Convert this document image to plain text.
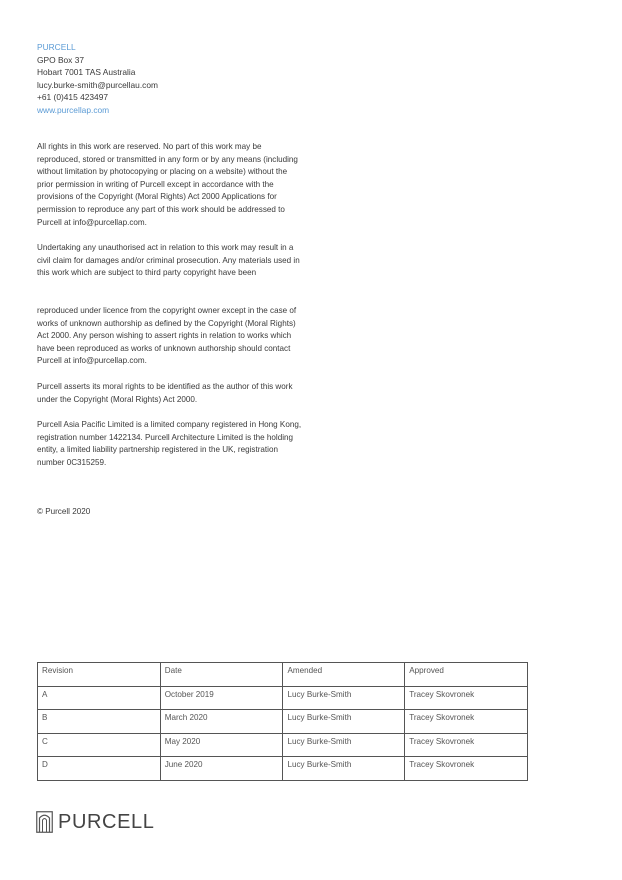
PURCELL
GPO Box 37
Hobart 7001 TAS Australia
lucy.burke-smith@purcellau.com
+61 (0)415 423497
www.purcellap.com

All rights in this work are reserved. No part of this work may be reproduced, stored or transmitted in any form or by any means (including without limitation by photocopying or placing on a website) without the prior permission in writing of Purcell except in accordance with the provisions of the Copyright (Moral Rights) Act 2000 Applications for permission to reproduce any part of this work should be addressed to Purcell at info@purcellap.com.

Undertaking any unauthorised act in relation to this work may result in a civil claim for damages and/or criminal prosecution. Any materials used in this work which are subject to third party copyright have been

reproduced under licence from the copyright owner except in the case of works of unknown authorship as defined by the Copyright (Moral Rights) Act 2000. Any person wishing to assert rights in relation to works which have been reproduced as works of unknown authorship should contact Purcell at info@purcellap.com.

Purcell asserts its moral rights to be identified as the author of this work under the Copyright (Moral Rights) Act 2000.

Purcell Asia Pacific Limited is a limited company registered in Hong Kong, registration number 1422134. Purcell Architecture Limited is the holding entity, a limited liability partnership registered in the UK, registration number 0C315259.

© Purcell 2020
Revision	Date	Amended	Approved
A	October 2019	Lucy Burke-Smith	Tracey Skovronek
B	March 2020	Lucy Burke-Smith	Tracey Skovronek
C	May 2020	Lucy Burke-Smith	Tracey Skovronek
D	June 2020	Lucy Burke-Smith	Tracey Skovronek
PURCELL
